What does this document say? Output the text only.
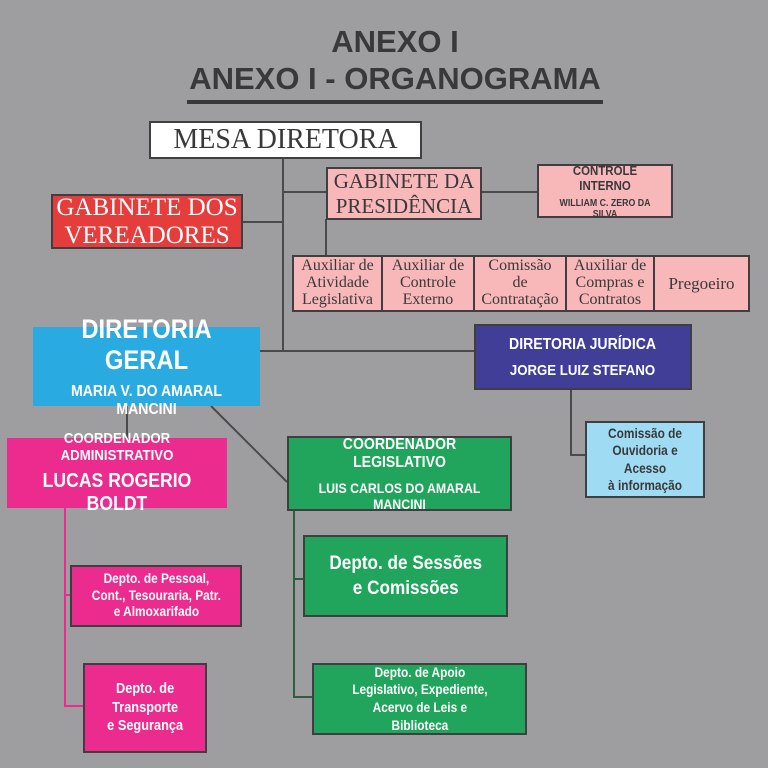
ANEXO I
ANEXO I - ORGANOGRAMA
MESA DIRETORA
GABINETE DOS
VEREADORES
GABINETE DA
PRESIDÊNCIA
CONTROLE INTERNO
WILLIAM C. ZERO DA SILVA
Auxiliar de
Atividade
Legislativa
Auxiliar de
Controle
Externo
Comissão
de
Contratação
Auxiliar de
Compras e
Contratos
Pregoeiro
DIRETORIA GERAL
MARIA V. DO AMARAL MANCINI
DIRETORIA JURÍDICA
JORGE LUIZ STEFANO
Comissão de
Ouvidoria e
Acesso
à informação
COORDENADOR ADMINISTRATIVO
LUCAS ROGERIO BOLDT
COORDENADOR LEGISLATIVO
LUIS CARLOS DO AMARAL MANCINI
Depto. de Pessoal,
Cont., Tesouraria, Patr.
e Almoxarifado
Depto. de
Transporte
e Segurança
Depto. de Sessões
e Comissões
Depto. de Apoio
Legislativo, Expediente,
Acervo de Leis e
Biblioteca
